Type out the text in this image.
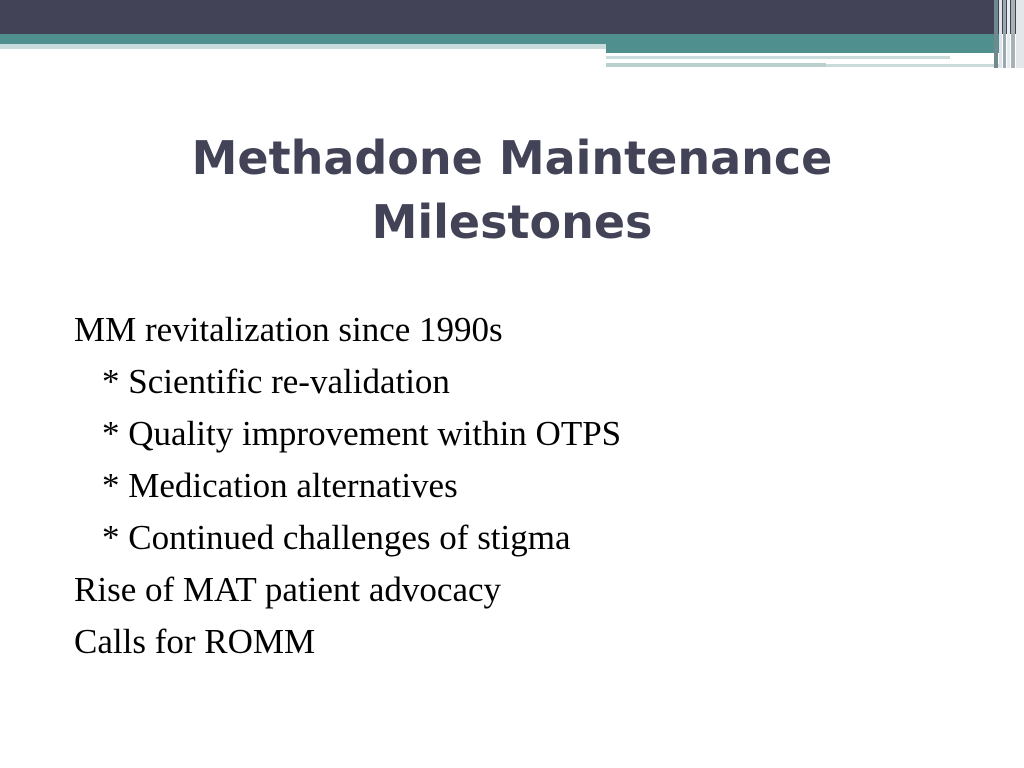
Methadone Maintenance
Milestones
MM revitalization since 1990s
* Scientific re-validation
* Quality improvement within OTPS
* Medication alternatives
* Continued challenges of stigma
Rise of MAT patient advocacy
Calls for ROMM
